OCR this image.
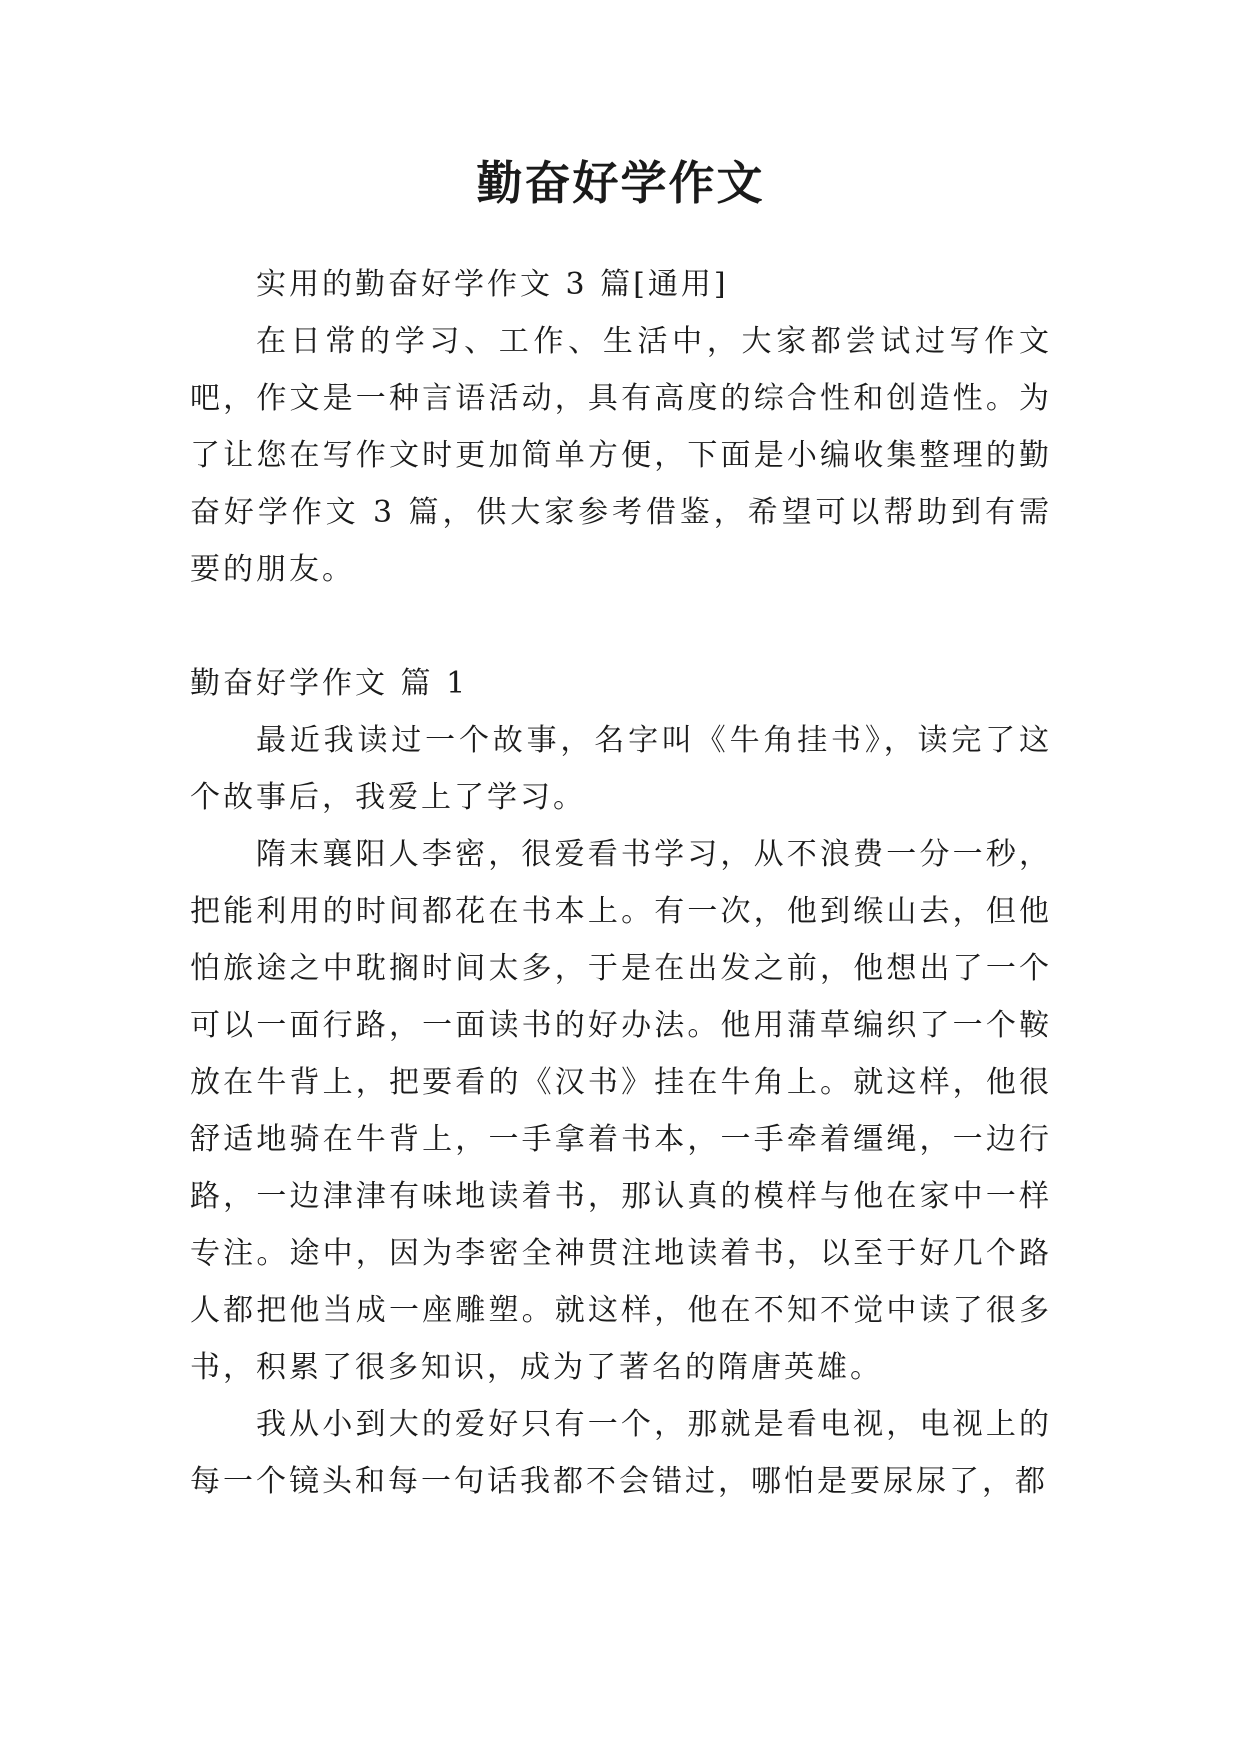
勤奋好学作文

实用的勤奋好学作文 3 篇[通用]

在日常的学习、工作、生活中，大家都尝试过写作文吧，作文是一种言语活动，具有高度的综合性和创造性。为了让您在写作文时更加简单方便，下面是小编收集整理的勤奋好学作文 3 篇，供大家参考借鉴，希望可以帮助到有需要的朋友。

勤奋好学作文 篇 1

最近我读过一个故事，名字叫《牛角挂书》，读完了这个故事后，我爱上了学习。

隋末襄阳人李密，很爱看书学习，从不浪费一分一秒，把能利用的时间都花在书本上。有一次，他到缑山去，但他怕旅途之中耽搁时间太多，于是在出发之前，他想出了一个可以一面行路，一面读书的好办法。他用蒲草编织了一个鞍放在牛背上，把要看的《汉书》挂在牛角上。就这样，他很舒适地骑在牛背上，一手拿着书本，一手牵着缰绳，一边行路，一边津津有味地读着书，那认真的模样与他在家中一样专注。途中，因为李密全神贯注地读着书，以至于好几个路人都把他当成一座雕塑。就这样，他在不知不觉中读了很多书，积累了很多知识，成为了著名的隋唐英雄。

我从小到大的爱好只有一个，那就是看电视，电视上的每一个镜头和每一句话我都不会错过，哪怕是要尿尿了，都
